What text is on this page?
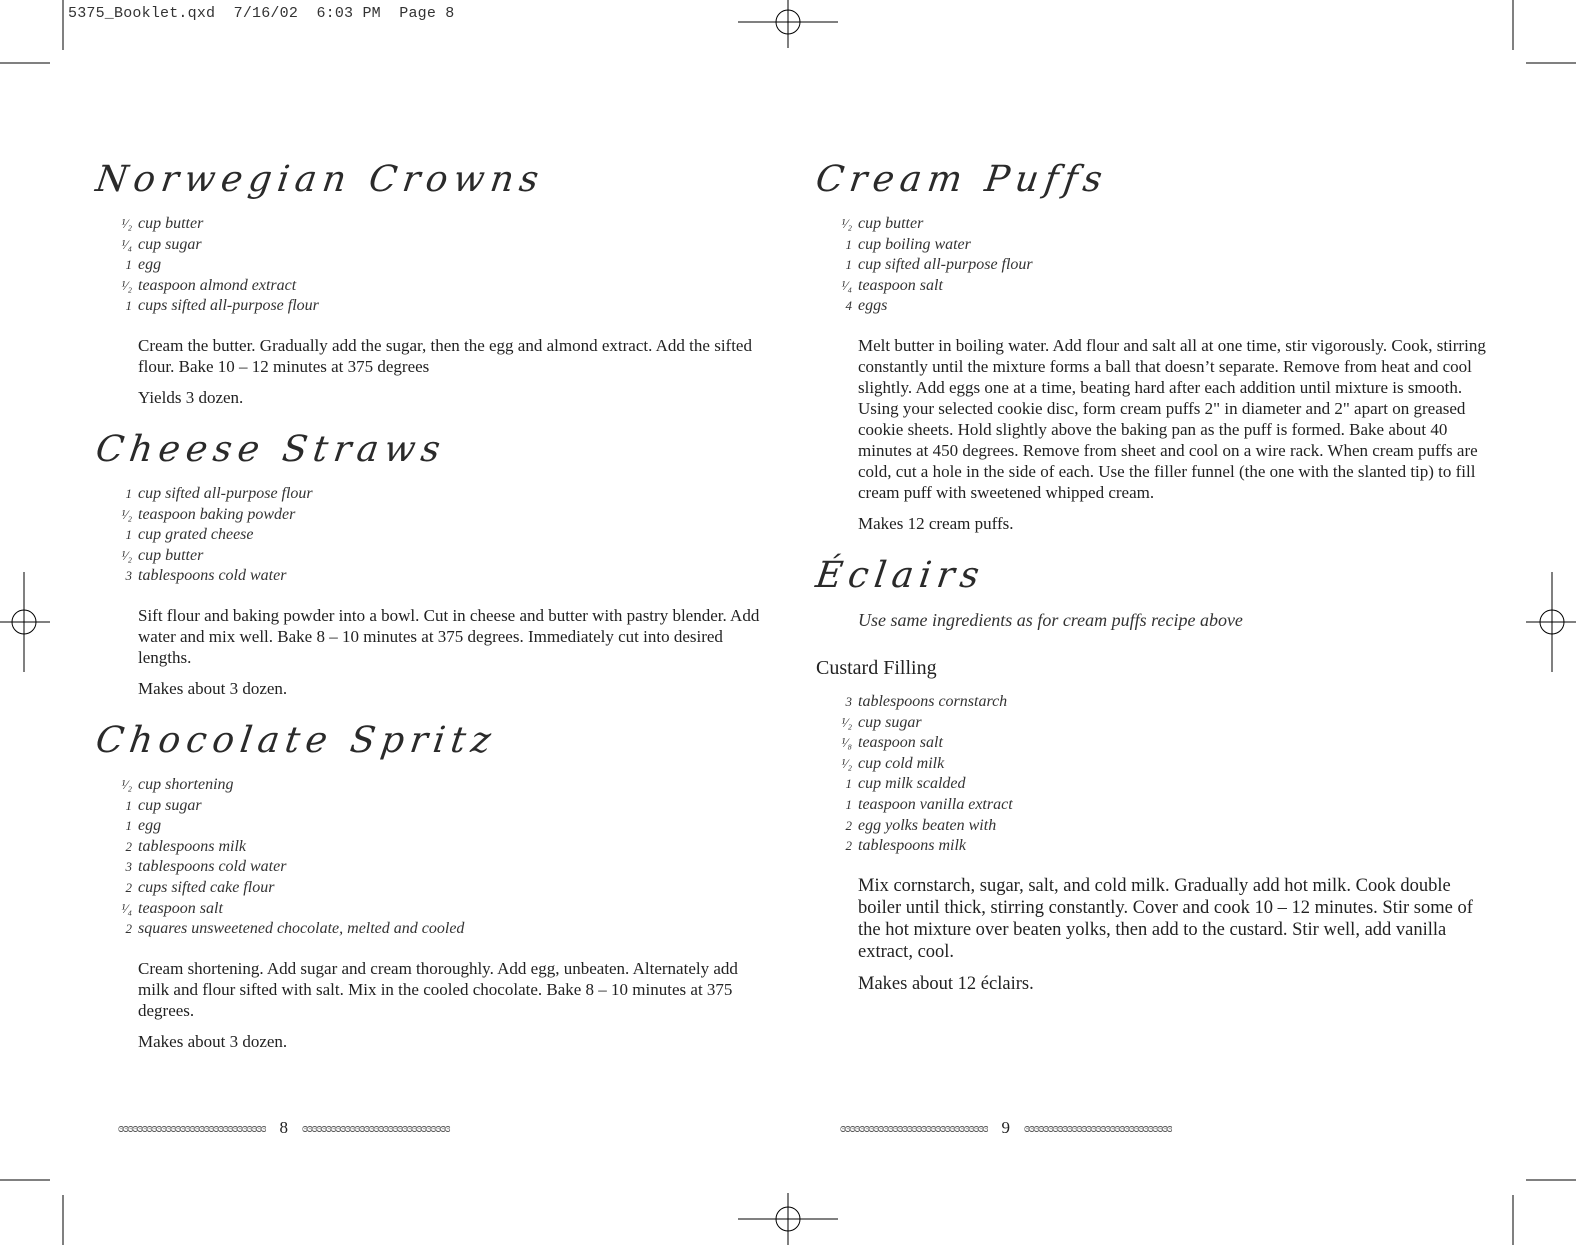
5375_Booklet.qxd  7/16/02  6:03 PM  Page 8
Norwegian Crowns
¹⁄₂ cup butter
¹⁄₄ cup sugar
1 egg
¹⁄₂ teaspoon almond extract
1 cups sifted all-purpose flour
Cream the butter. Gradually add the sugar, then the egg and almond extract. Add the sifted flour. Bake 10 – 12 minutes at 375 degrees
Yields 3 dozen.
Cheese Straws
1 cup sifted all-purpose flour
¹⁄₂ teaspoon baking powder
1 cup grated cheese
¹⁄₂ cup butter
3 tablespoons cold water
Sift flour and baking powder into a bowl. Cut in cheese and butter with pastry blender. Add water and mix well. Bake 8 – 10 minutes at 375 degrees. Immediately cut into desired lengths.
Makes about 3 dozen.
Chocolate Spritz
¹⁄₂ cup shortening
1 cup sugar
1 egg
2 tablespoons milk
3 tablespoons cold water
2 cups sifted cake flour
¹⁄₄ teaspoon salt
2 squares unsweetened chocolate, melted and cooled
Cream shortening. Add sugar and cream thoroughly. Add egg, unbeaten. Alternately add milk and flour sifted with salt. Mix in the cooled chocolate. Bake 8 – 10 minutes at 375 degrees.
Makes about 3 dozen.
Cream Puffs
¹⁄₂ cup butter
1 cup boiling water
1 cup sifted all-purpose flour
¹⁄₄ teaspoon salt
4 eggs
Melt butter in boiling water. Add flour and salt all at one time, stir vigorously. Cook, stirring constantly until the mixture forms a ball that doesn’t separate. Remove from heat and cool slightly. Add eggs one at a time, beating hard after each addition until mixture is smooth. Using your selected cookie disc, form cream puffs 2" in diameter and 2" apart on greased cookie sheets. Hold slightly above the baking pan as the puff is formed. Bake about 40 minutes at 450 degrees. Remove from sheet and cool on a wire rack. When cream puffs are cold, cut a hole in the side of each. Use the filler funnel (the one with the slanted tip) to fill cream puff with sweetened whipped cream.
Makes 12 cream puffs.
Éclairs
Use same ingredients as for cream puffs recipe above
Custard Filling
3 tablespoons cornstarch
¹⁄₂ cup sugar
¹⁄₈ teaspoon salt
¹⁄₂ cup cold milk
1 cup milk scalded
1 teaspoon vanilla extract
2 egg yolks beaten with
2 tablespoons milk
Mix cornstarch, sugar, salt, and cold milk. Gradually add hot milk. Cook double boiler until thick, stirring constantly. Cover and cook 10 – 12 minutes. Stir some of the hot mixture over beaten yolks, then add to the custard. Stir well, add vanilla extract, cool.
Makes about 12 éclairs.
ɞɞɞɞɞɞɞɞɞɞɞɞɞɞɞɞɞɞɞɞɞɞɞɞɞɞɞɞɞɞɞ 8 ɞɞɞɞɞɞɞɞɞɞɞɞɞɞɞɞɞɞɞɞɞɞɞɞɞɞɞɞɞɞɞ	ɞɞɞɞɞɞɞɞɞɞɞɞɞɞɞɞɞɞɞɞɞɞɞɞɞɞɞɞɞɞɞ 9 ɞɞɞɞɞɞɞɞɞɞɞɞɞɞɞɞɞɞɞɞɞɞɞɞɞɞɞɞɞɞɞ
